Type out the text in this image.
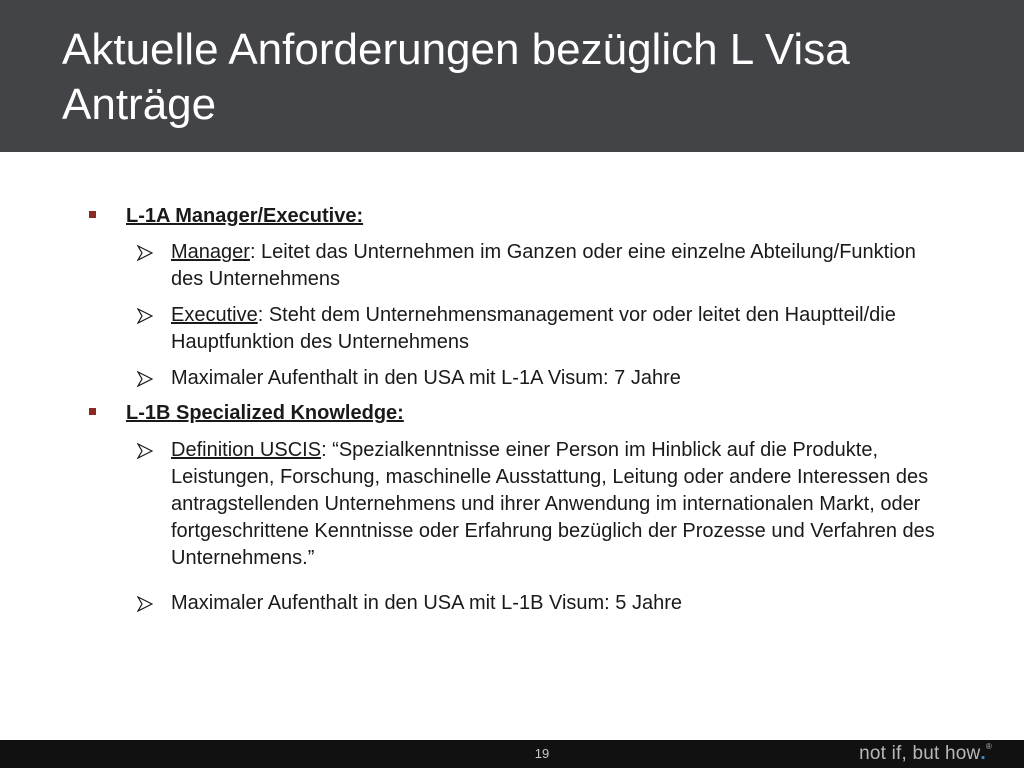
Aktuelle Anforderungen bezüglich L Visa Anträge
L-1A Manager/Executive:
Manager: Leitet das Unternehmen im Ganzen oder eine einzelne Abteilung/Funktion des Unternehmens
Executive: Steht dem Unternehmensmanagement vor oder leitet den Hauptteil/die Hauptfunktion des Unternehmens
Maximaler Aufenthalt in den USA mit L-1A Visum: 7 Jahre
L-1B Specialized Knowledge:
Definition USCIS: “Spezialkenntnisse einer Person im Hinblick auf die Produkte, Leistungen, Forschung, maschinelle Ausstattung, Leitung oder andere Interessen des antragstellenden Unternehmens und ihrer Anwendung im internationalen Markt, oder fortgeschrittene Kenntnisse oder Erfahrung bezüglich der Prozesse und Verfahren des Unternehmens.”
Maximaler Aufenthalt in den USA mit L-1B Visum: 5 Jahre
19	not if, but how.®
